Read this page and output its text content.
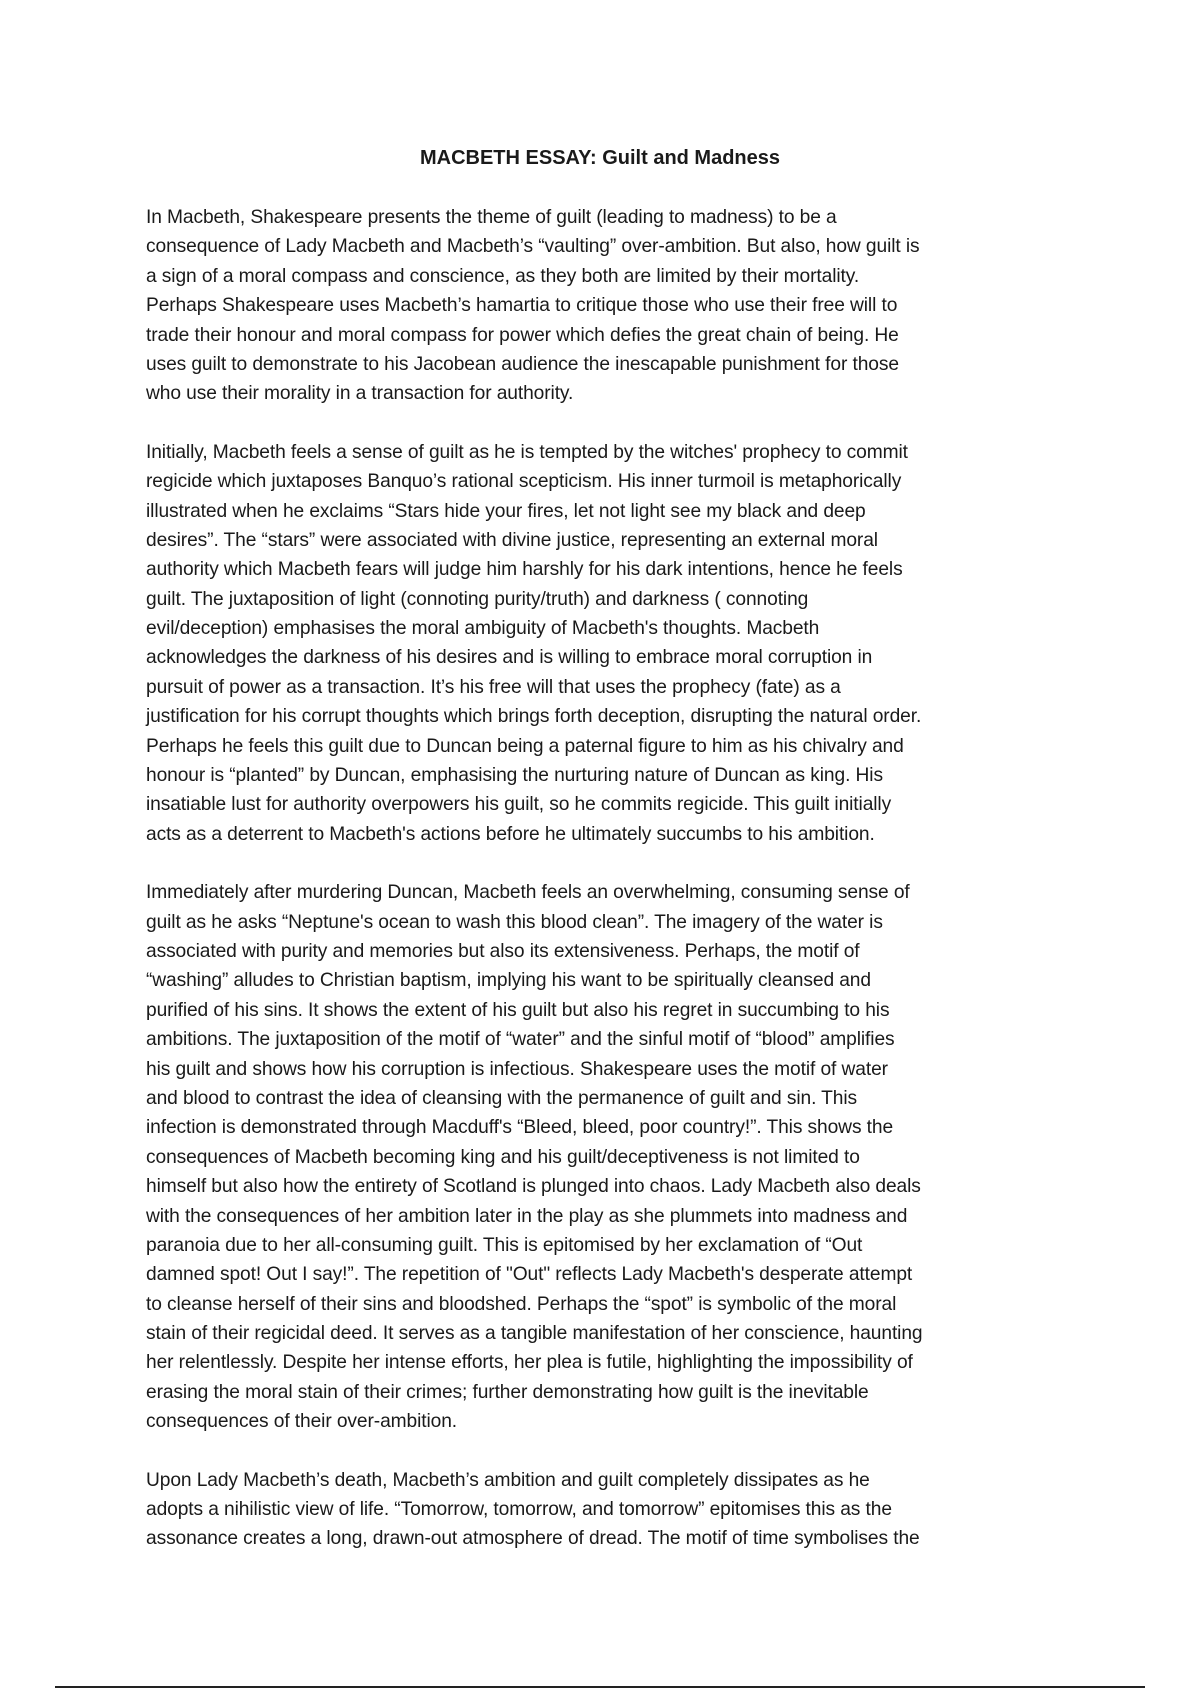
MACBETH ESSAY: Guilt and Madness

In Macbeth, Shakespeare presents the theme of guilt (leading to madness) to be a
consequence of Lady Macbeth and Macbeth’s “vaulting” over-ambition. But also, how guilt is
a sign of a moral compass and conscience, as they both are limited by their mortality.
Perhaps Shakespeare uses Macbeth’s hamartia to critique those who use their free will to
trade their honour and moral compass for power which defies the great chain of being. He
uses guilt to demonstrate to his Jacobean audience the inescapable punishment for those
who use their morality in a transaction for authority.

Initially, Macbeth feels a sense of guilt as he is tempted by the witches' prophecy to commit
regicide which juxtaposes Banquo’s rational scepticism. His inner turmoil is metaphorically
illustrated when he exclaims “Stars hide your fires, let not light see my black and deep
desires”. The “stars” were associated with divine justice, representing an external moral
authority which Macbeth fears will judge him harshly for his dark intentions, hence he feels
guilt. The juxtaposition of light (connoting purity/truth) and darkness ( connoting
evil/deception) emphasises the moral ambiguity of Macbeth's thoughts. Macbeth
acknowledges the darkness of his desires and is willing to embrace moral corruption in
pursuit of power as a transaction. It’s his free will that uses the prophecy (fate) as a
justification for his corrupt thoughts which brings forth deception, disrupting the natural order.
Perhaps he feels this guilt due to Duncan being a paternal figure to him as his chivalry and
honour is “planted” by Duncan, emphasising the nurturing nature of Duncan as king. His
insatiable lust for authority overpowers his guilt, so he commits regicide. This guilt initially
acts as a deterrent to Macbeth's actions before he ultimately succumbs to his ambition.

Immediately after murdering Duncan, Macbeth feels an overwhelming, consuming sense of
guilt as he asks “Neptune's ocean to wash this blood clean”. The imagery of the water is
associated with purity and memories but also its extensiveness. Perhaps, the motif of
“washing” alludes to Christian baptism, implying his want to be spiritually cleansed and
purified of his sins. It shows the extent of his guilt but also his regret in succumbing to his
ambitions. The juxtaposition of the motif of “water” and the sinful motif of “blood” amplifies
his guilt and shows how his corruption is infectious. Shakespeare uses the motif of water
and blood to contrast the idea of cleansing with the permanence of guilt and sin. This
infection is demonstrated through Macduff's “Bleed, bleed, poor country!”. This shows the
consequences of Macbeth becoming king and his guilt/deceptiveness is not limited to
himself but also how the entirety of Scotland is plunged into chaos. Lady Macbeth also deals
with the consequences of her ambition later in the play as she plummets into madness and
paranoia due to her all-consuming guilt. This is epitomised by her exclamation of “Out
damned spot! Out I say!”. The repetition of "Out" reflects Lady Macbeth's desperate attempt
to cleanse herself of their sins and bloodshed. Perhaps the “spot” is symbolic of the moral
stain of their regicidal deed. It serves as a tangible manifestation of her conscience, haunting
her relentlessly. Despite her intense efforts, her plea is futile, highlighting the impossibility of
erasing the moral stain of their crimes; further demonstrating how guilt is the inevitable
consequences of their over-ambition.

Upon Lady Macbeth’s death, Macbeth’s ambition and guilt completely dissipates as he
adopts a nihilistic view of life. “Tomorrow, tomorrow, and tomorrow” epitomises this as the
assonance creates a long, drawn-out atmosphere of dread. The motif of time symbolises the
